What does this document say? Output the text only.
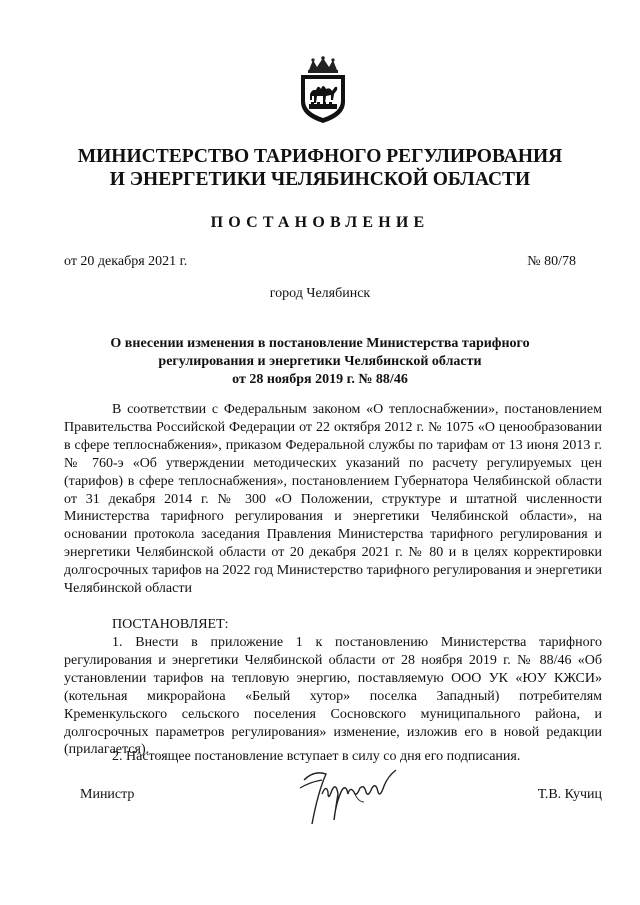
МИНИСТЕРСТВО ТАРИФНОГО РЕГУЛИРОВАНИЯ
И ЭНЕРГЕТИКИ ЧЕЛЯБИНСКОЙ ОБЛАСТИ
ПОСТАНОВЛЕНИЕ
от 20 декабря 2021 г.	№ 80/78
город Челябинск
О внесении изменения в постановление Министерства тарифного
регулирования и энергетики Челябинской области
от 28 ноября 2019 г. № 88/46

В соответствии с Федеральным законом «О теплоснабжении», постановлением Правительства Российской Федерации от 22 октября 2012 г. № 1075 «О ценообразовании в сфере теплоснабжения», приказом Федеральной службы по тарифам от 13 июня 2013 г. № 760-э «Об утверждении методических указаний по расчету регулируемых цен (тарифов) в сфере теплоснабжения», постановлением Губернатора Челябинской области от 31 декабря 2014 г. № 300 «О Положении, структуре и штатной численности Министерства тарифного регулирования и энергетики Челябинской области», на основании протокола заседания Правления Министерства тарифного регулирования и энергетики Челябинской области от 20 декабря 2021 г. № 80 и в целях корректировки долгосрочных тарифов на 2022 год Министерство тарифного регулирования и энергетики Челябинской области

ПОСТАНОВЛЯЕТ:

1. Внести в приложение 1 к постановлению Министерства тарифного регулирования и энергетики Челябинской области от 28 ноября 2019 г. № 88/46 «Об установлении тарифов на тепловую энергию, поставляемую ООО УК «ЮУ КЖСИ» (котельная микрорайона «Белый хутор» поселка Западный) потребителям Кременкульского сельского поселения Сосновского муниципального района, и долгосрочных параметров регулирования» изменение, изложив его в новой редакции (прилагается).

2. Настоящее постановление вступает в силу со дня его подписания.

Министр	Т.В. Кучиц
